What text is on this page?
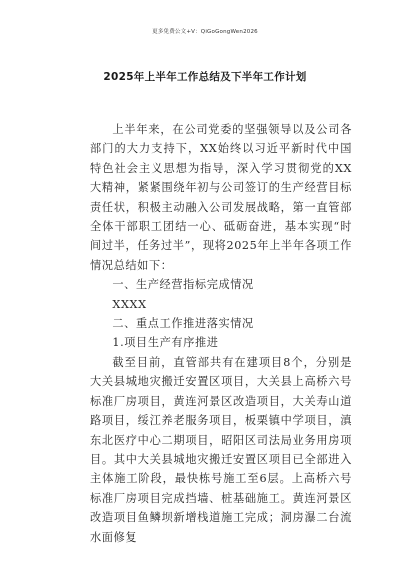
更多免费公文+V：QiGoGongWen2026
2025年上半年工作总结及下半年工作计划

上半年来，在公司党委的坚强领导以及公司各部门的大力支持下，XX始终以习近平新时代中国特色社会主义思想为指导，深入学习贯彻党的XX大精神，紧紧围绕年初与公司签订的生产经营目标责任状，积极主动融入公司发展战略，第一直管部全体干部职工团结一心、砥砺奋进，基本实现“时间过半，任务过半”，现将2025年上半年各项工作情况总结如下：

一、生产经营指标完成情况

XXXX

二、重点工作推进落实情况

1.项目生产有序推进

截至目前，直管部共有在建项目8个，分别是大关县城地灾搬迁安置区项目，大关县上高桥六号标准厂房项目，黄连河景区改造项目，大关寿山道路项目，绥江养老服务项目，板栗镇中学项目，滇东北医疗中心二期项目，昭阳区司法局业务用房项目。其中大关县城地灾搬迁安置区项目已全部进入主体施工阶段，最快栋号施工至6层。上高桥六号标准厂房项目完成挡墙、桩基础施工。黄连河景区改造项目鱼鳞坝新增栈道施工完成；洞房瀑二台流水面修复
